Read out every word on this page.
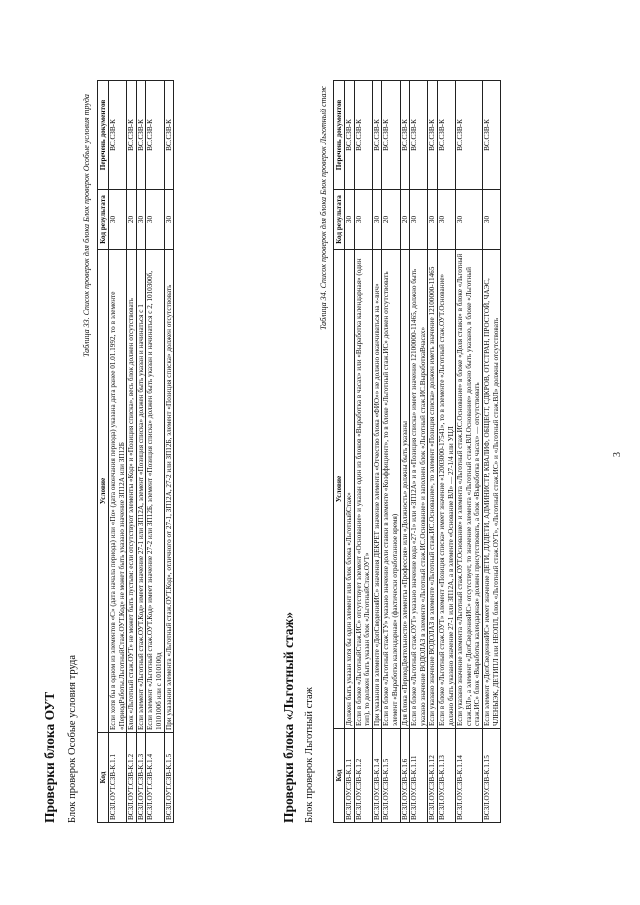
3
Проверки блока ОУТ Блок проверок Особые условия труда
Таблица 33. Список проверок для блока Блок проверок Особые условия труда
Код	Условие	Код результата	Перечень документов
ВСЗЛ.ОУТ.СЗВ-К.1.1	Если хотя бы в одном из элементов «С» (дата начала периода) или «По» (дата окончания периода) указана дата ранее 01.01.1992, то в элементе «ПериодРаботы.ЛьготныйСтаж.ОУТ.Код» не может быть указано значение ЗП12А или ЗП12Б	30	ВС.СЗВ-К
ВСЗЛ.ОУТ.СЗВ-К.1.2	Блок «Льготный стаж.ОУТ» не может быть пустым: если отсутствуют элементы «Код» и «Позиция списка», весь блок должен отсутствовать	20	ВС.СЗВ-К
ВСЗЛ.ОУТ.СЗВ-К.1.3	Если элемент «Льготный стаж.ОУТ.Код» имеет значение 27-1 или ЗП12А, элемент «Позиция списка» должен быть указан и начинаться с 1	30	ВС.СЗВ-К
ВСЗЛ.ОУТ.СЗВ-К.1.4	Если элемент «Льготный стаж.ОУТ.Код» имеет значение 27-2 или ЗП12Б, элемент «Позиция списка» должен быть указан и начинаться с 2, 1010300б, 1010100б или с 1010100д	30	ВС.СЗВ-К
ВСЗЛ.ОУТ.СЗВ-К.1.5	При указании элемента «Льготный стаж.ОУТ.Код», отличного от 27-1, ЗП12А, 27-2 или ЗП12Б, элемент «Позиция списка» должен отсутствовать	30	ВС.СЗВ-К
Проверки блока «Льготный стаж» Блок проверок Льготный стаж
Таблица 34. Список проверок для блока Блок проверок Льготный стаж
Код	Условие	Код результата	Перечень документов
ВСЗЛ.ОУ.СЗВ-К.1.1	Должен быть указан хотя бы один элемент или блок блока «ЛьготныйСтаж»	30	ВС.СЗВ-К
ВСЗЛ.ОУ.СЗВ-К.1.2	Если в блоке «ЛьготныйСтаж.ИС» отсутствует элемент «Основание» и указан один из блоков «Выработка в часах» или «Выработка календарная» (один тип), то должен быть указан блок «ЛьготныйСтаж.ОУТ»	30	ВС.СЗВ-К
ВСЗЛ.ОУ.СЗВ-К.1.4	При указании в элементе «ДопСведенияИС» значения ДЕКРЕТ значение элемента «Отчество блока «ФИО»» не должно оканчиваться на «-вич»	30	ВС.СЗВ-К
ВСЗЛ.ОУ.СЗВ-К.1.5	Если в блоке «Льготный стаж.ТУ» указано значение доли ставки в элементе «Коэффициент», то в блоке «Льготный стаж.ИС» должен отсутствовать элемент «Выработка календарная» (фактически отработанное время)	20	ВС.СЗВ-К
ВСЗЛ.ОУ.СЗВ-К.1.6	Для блока «ПериодДеятельности» элементы «Профессия» или «Должность» должны быть указаны	20	ВС.СЗВ-К
ВСЗЛ.ОУ.СЗВ-К.1.11	Если в блоке «Льготный стаж.ОУТ» указано значение кода «27-1» или «ЗП12А» и в «Позиция списка» имеет значение 12100000-11465, должно быть указано значение ВОДОЛАЗ в элементе «Льготный стаж.ИС.Основание» и заполнен блок «Льготный стаж.ИС.ВыработкаВчасах»	30	ВС.СЗВ-К
ВСЗЛ.ОУ.СЗВ-К.1.12	Если указано значение ВОДОЛАЗ в элементе «Льготный стаж.ИС.Основание», то элемент «Позиция списка» должен иметь значение 12100000-11465	30	ВС.СЗВ-К
ВСЗЛ.ОУ.СЗВ-К.1.13	Если в блоке «Льготный стаж.ОУТ» элемент «Позиция списка» имеет значение «12003000-17541», то в элементе «Льготный стаж.ОУТ.Основание» должно быть указано значение 27-1 или ЗП12А, а в элементе «Основание ВЛ» — 27-1/4 или УЦЛ	30	ВС.СЗВ-К
ВСЗЛ.ОУ.СЗВ-К.1.14	Если указано значение элемента «Льготный стаж.ОУТ.Основание» и элемента «Льготный стаж.ИС.Основание» в блоке «Доля ставки» в блоке «Льготный стаж.ВЛ», а элемент «ДопСведенияИС» отсутствует, то значение элемента «Льготный стаж.ВЛ.Основание» должно быть указано, в блоке «Льготный стаж.ИС» блок «Выработка календарная» должен присутствовать, а блок «Выработка в часах» — отсутствовать	30	ВС.СЗВ-К
ВСЗЛ.ОУ.СЗВ-К.1.15	Если элемент «ДопСведенияИС» имеет значение ДЕТИ, ДЛДЕТИ, АДМИНИСТР, КВАЛИФ, ОБЩЕСТ, СДКРОВ, ОТСТРАН, ПРОСТОЙ, ЧАЭС, ЧЛЕНЫЭК, ДЕТИПЛ или НЕОПЛ, блок «Льготный стаж.ОУТ», «Льготный стаж.ИС» и «Льготный стаж.ВЛ» должны отсутствовать	30	ВС.СЗВ-К
